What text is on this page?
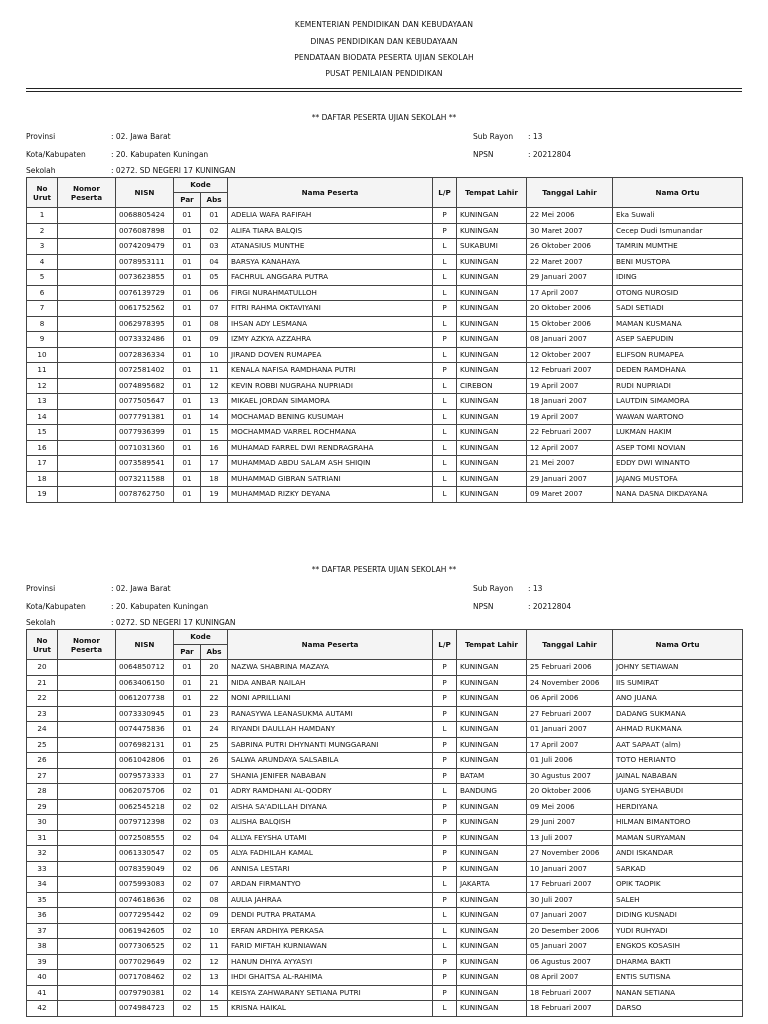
KEMENTERIAN PENDIDIKAN DAN KEBUDAYAAN
DINAS PENDIDIKAN DAN KEBUDAYAAN
PENDATAAN BIODATA PESERTA UJIAN SEKOLAH
PUSAT PENILAIAN PENDIDIKAN
** DAFTAR PESERTA UJIAN SEKOLAH **
Provinsi	: 02. Jawa Barat	Sub Rayon : 13
Kota/Kabupaten	: 20. Kabupaten Kuningan	NPSN	: 20212804
Sekolah	: 0272. SD NEGERI 17 KUNINGAN
No Urut	Nomor Peserta	NISN	Kode		Nama Peserta	L/P	Tempat Lahir	Tanggal Lahir	Nama Ortu
			Par	Abs					
1		0068805424	01	01	ADELIA WAFA RAFIFAH	P	KUNINGAN	22 Mei 2006	Eka Suwali
2		0076087898	01	02	ALIFA TIARA BALQIS	P	KUNINGAN	30 Maret 2007	Cecep Dudi Ismunandar
3		0074209479	01	03	ATANASIUS MUNTHE	L	SUKABUMI	26 Oktober 2006	TAMRIN MUMTHE
4		0078953111	01	04	BARSYA KANAHAYA	L	KUNINGAN	22 Maret 2007	BENI MUSTOPA
5		0073623855	01	05	FACHRUL ANGGARA PUTRA	L	KUNINGAN	29 Januari 2007	IDING
6		0076139729	01	06	FIRGI NURAHMATULLOH	L	KUNINGAN	17 April 2007	OTONG NUROSID
7		0061752562	01	07	FITRI RAHMA OKTAVIYANI	P	KUNINGAN	20 Oktober 2006	SADI SETIADI
8		0062978395	01	08	IHSAN ADY LESMANA	L	KUNINGAN	15 Oktober 2006	MAMAN KUSMANA
9		0073332486	01	09	IZMY AZKYA AZZAHRA	P	KUNINGAN	08 Januari 2007	ASEP SAEPUDIN
10		0072836334	01	10	JIRAND DOVEN RUMAPEA	L	KUNINGAN	12 Oktober 2007	ELIFSON RUMAPEA
11		0072581402	01	11	KENALA NAFISA RAMDHANA PUTRI	P	KUNINGAN	12 Februari 2007	DEDEN RAMDHANA
12		0074895682	01	12	KEVIN ROBBI NUGRAHA NUPRIADI	L	CIREBON	19 April 2007	RUDI NUPRIADI
13		0077505647	01	13	MIKAEL JORDAN SIMAMORA	L	KUNINGAN	18 Januari 2007	LAUTDIN SIMAMORA
14		0077791381	01	14	MOCHAMAD BENING KUSUMAH	L	KUNINGAN	19 April 2007	WAWAN WARTONO
15		0077936399	01	15	MOCHAMMAD VARREL ROCHMANA	L	KUNINGAN	22 Februari 2007	LUKMAN HAKIM
16		0071031360	01	16	MUHAMAD FARREL DWI RENDRAGRAHA	L	KUNINGAN	12 April 2007	ASEP TOMI NOVIAN
17		0073589541	01	17	MUHAMMAD ABDU SALAM ASH SHIQIN	L	KUNINGAN	21 Mei 2007	EDDY DWI WINANTO
18		0073211588	01	18	MUHAMMAD GIBRAN SATRIANI	L	KUNINGAN	29 Januari 2007	JAJANG MUSTOFA
19		0078762750	01	19	MUHAMMAD RIZKY DEYANA	L	KUNINGAN	09 Maret 2007	NANA DASNA DIKDAYANA
** DAFTAR PESERTA UJIAN SEKOLAH **
Provinsi	: 02. Jawa Barat	Sub Rayon : 13
Kota/Kabupaten	: 20. Kabupaten Kuningan	NPSN	: 20212804
Sekolah	: 0272. SD NEGERI 17 KUNINGAN
No Urut	Nomor Peserta	NISN	Kode		Nama Peserta	L/P	Tempat Lahir	Tanggal Lahir	Nama Ortu
			Par	Abs					
20		0064850712	01	20	NAZWA SHABRINA MAZAYA	P	KUNINGAN	25 Februari 2006	JOHNY SETIAWAN
21		0063406150	01	21	NIDA ANBAR NAILAH	P	KUNINGAN	24 November 2006	IIS SUMIRAT
22		0061207738	01	22	NONI APRILLIANI	P	KUNINGAN	06 April 2006	ANO JUANA
23		0073330945	01	23	RANASYWA LEANASUKMA AUTAMI	P	KUNINGAN	27 Februari 2007	DADANG SUKMANA
24		0074475836	01	24	RIYANDI DAULLAH HAMDANY	L	KUNINGAN	01 Januari 2007	AHMAD RUKMANA
25		0076982131	01	25	SABRINA PUTRI DHYNANTI MUNGGARANI	P	KUNINGAN	17 April 2007	AAT SAPAAT (alm)
26		0061042806	01	26	SALWA ARUNDAYA SALSABILA	P	KUNINGAN	01 Juli 2006	TOTO HERIANTO
27		0079573333	01	27	SHANIA JENIFER NABABAN	P	BATAM	30 Agustus 2007	JAINAL NABABAN
28		0062075706	02	01	ADRY RAMDHANI AL-QODRY	L	BANDUNG	20 Oktober 2006	UJANG SYEHABUDI
29		0062545218	02	02	AISHA SA'ADILLAH DIYANA	P	KUNINGAN	09 Mei 2006	HERDIYANA
30		0079712398	02	03	ALISHA BALQISH	P	KUNINGAN	29 Juni 2007	HILMAN BIMANTORO
31		0072508555	02	04	ALLYA FEYSHA UTAMI	P	KUNINGAN	13 Juli 2007	MAMAN SURYAMAN
32		0061330547	02	05	ALYA FADHILAH KAMAL	P	KUNINGAN	27 November 2006	ANDI ISKANDAR
33		0078359049	02	06	ANNISA LESTARI	P	KUNINGAN	10 Januari 2007	SARKAD
34		0075993083	02	07	ARDAN FIRMANTYO	L	JAKARTA	17 Februari 2007	OPIK TAOPIK
35		0074618636	02	08	AULIA JAHRAA	P	KUNINGAN	30 Juli 2007	SALEH
36		0077295442	02	09	DENDI PUTRA PRATAMA	L	KUNINGAN	07 Januari 2007	DIDING KUSNADI
37		0061942605	02	10	ERFAN ARDHIYA PERKASA	L	KUNINGAN	20 Desember 2006	YUDI RUHYADI
38		0077306525	02	11	FARID MIFTAH KURNIAWAN	L	KUNINGAN	05 Januari 2007	ENGKOS KOSASIH
39		0077029649	02	12	HANUN DHIYA AYYASYI	P	KUNINGAN	06 Agustus 2007	DHARMA BAKTI
40		0071708462	02	13	IHDI GHAITSA AL-RAHIMA	P	KUNINGAN	08 April 2007	ENTIS SUTISNA
41		0079790381	02	14	KEISYA ZAHWARANY SETIANA PUTRI	P	KUNINGAN	18 Februari 2007	NANAN SETIANA
42		0074984723	02	15	KRISNA HAIKAL	L	KUNINGAN	18 Februari 2007	DARSO
